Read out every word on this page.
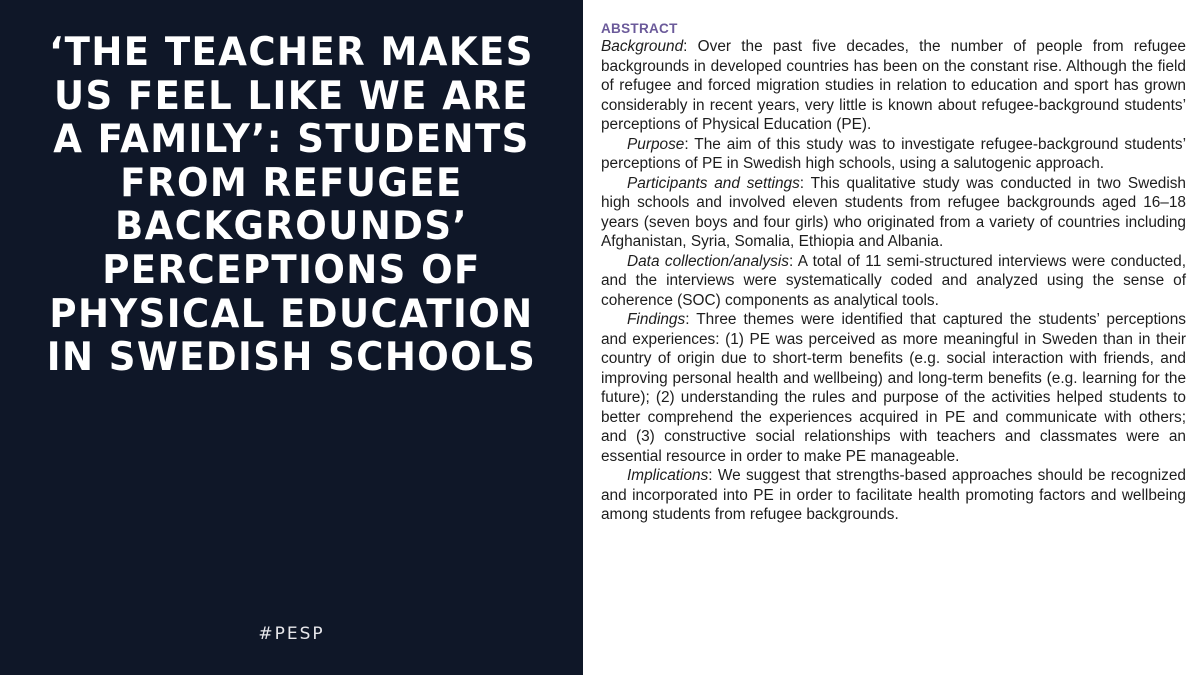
‘THE TEACHER MAKES US FEEL LIKE WE ARE A FAMILY’: STUDENTS FROM REFUGEE BACKGROUNDS’ PERCEPTIONS OF PHYSICAL EDUCATION IN SWEDISH SCHOOLS
#PESP
ABSTRACT

Background: Over the past five decades, the number of people from refugee backgrounds in developed countries has been on the constant rise. Although the field of refugee and forced migration studies in relation to education and sport has grown considerably in recent years, very little is known about refugee-background students’ perceptions of Physical Education (PE).

Purpose: The aim of this study was to investigate refugee-background students’ perceptions of PE in Swedish high schools, using a salutogenic approach.

Participants and settings: This qualitative study was conducted in two Swedish high schools and involved eleven students from refugee backgrounds aged 16–18 years (seven boys and four girls) who originated from a variety of countries including Afghanistan, Syria, Somalia, Ethiopia and Albania.

Data collection/analysis: A total of 11 semi-structured interviews were conducted, and the interviews were systematically coded and analyzed using the sense of coherence (SOC) components as analytical tools.

Findings: Three themes were identified that captured the students’ perceptions and experiences: (1) PE was perceived as more meaningful in Sweden than in their country of origin due to short-term benefits (e.g. social interaction with friends, and improving personal health and wellbeing) and long-term benefits (e.g. learning for the future); (2) understanding the rules and purpose of the activities helped students to better comprehend the experiences acquired in PE and communicate with others; and (3) constructive social relationships with teachers and classmates were an essential resource in order to make PE manageable.

Implications: We suggest that strengths-based approaches should be recognized and incorporated into PE in order to facilitate health promoting factors and wellbeing among students from refugee backgrounds.
